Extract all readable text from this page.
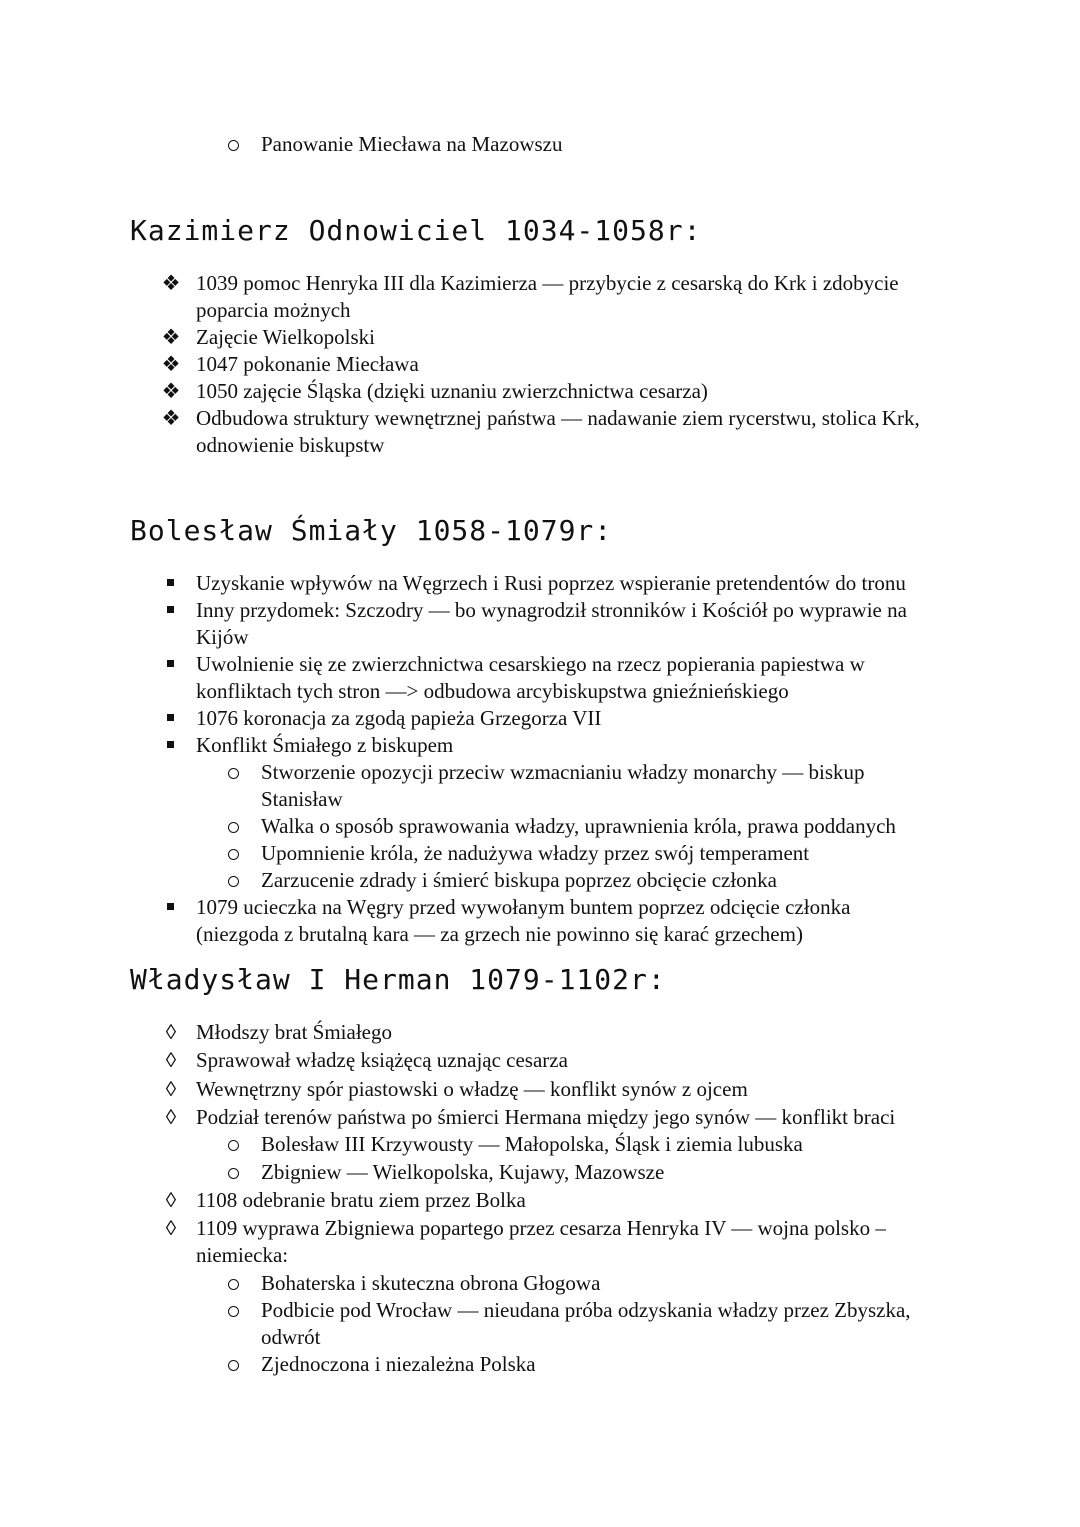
Panowanie Miecława na Mazowszu
Kazimierz Odnowiciel 1034-1058r:
❖ 1039 pomoc Henryka III dla Kazimierza — przybycie z cesarską do Krk i zdobycie
poparcia możnych
❖ Zajęcie Wielkopolski
❖ 1047 pokonanie Miecława
❖ 1050 zajęcie Śląska (dzięki uznaniu zwierzchnictwa cesarza)
❖ Odbudowa struktury wewnętrznej państwa — nadawanie ziem rycerstwu, stolica Krk,
odnowienie biskupstw
Bolesław Śmiały 1058-1079r:
Uzyskanie wpływów na Węgrzech i Rusi poprzez wspieranie pretendentów do tronu
Inny przydomek: Szczodry — bo wynagrodził stronników i Kościół po wyprawie na
Kijów
Uwolnienie się ze zwierzchnictwa cesarskiego na rzecz popierania papiestwa w
konfliktach tych stron —> odbudowa arcybiskupstwa gnieźnieńskiego
1076 koronacja za zgodą papieża Grzegorza VII
Konflikt Śmiałego z biskupem
Stworzenie opozycji przeciw wzmacnianiu władzy monarchy — biskup
Stanisław
Walka o sposób sprawowania władzy, uprawnienia króla, prawa poddanych
Upomnienie króla, że nadużywa władzy przez swój temperament
Zarzucenie zdrady i śmierć biskupa poprzez obcięcie członka
1079 ucieczka na Węgry przed wywołanym buntem poprzez odcięcie członka
(niezgoda z brutalną kara — za grzech nie powinno się karać grzechem)
Władysław I Herman 1079-1102r:
◊ Młodszy brat Śmiałego
◊ Sprawował władzę książęcą uznając cesarza
◊ Wewnętrzny spór piastowski o władzę — konflikt synów z ojcem
◊ Podział terenów państwa po śmierci Hermana między jego synów — konflikt braci
Bolesław III Krzywousty — Małopolska, Śląsk i ziemia lubuska
Zbigniew — Wielkopolska, Kujawy, Mazowsze
◊ 1108 odebranie bratu ziem przez Bolka
◊ 1109 wyprawa Zbigniewa popartego przez cesarza Henryka IV — wojna polsko –
niemiecka:
Bohaterska i skuteczna obrona Głogowa
Podbicie pod Wrocław — nieudana próba odzyskania władzy przez Zbyszka,
odwrót
Zjednoczona i niezależna Polska
